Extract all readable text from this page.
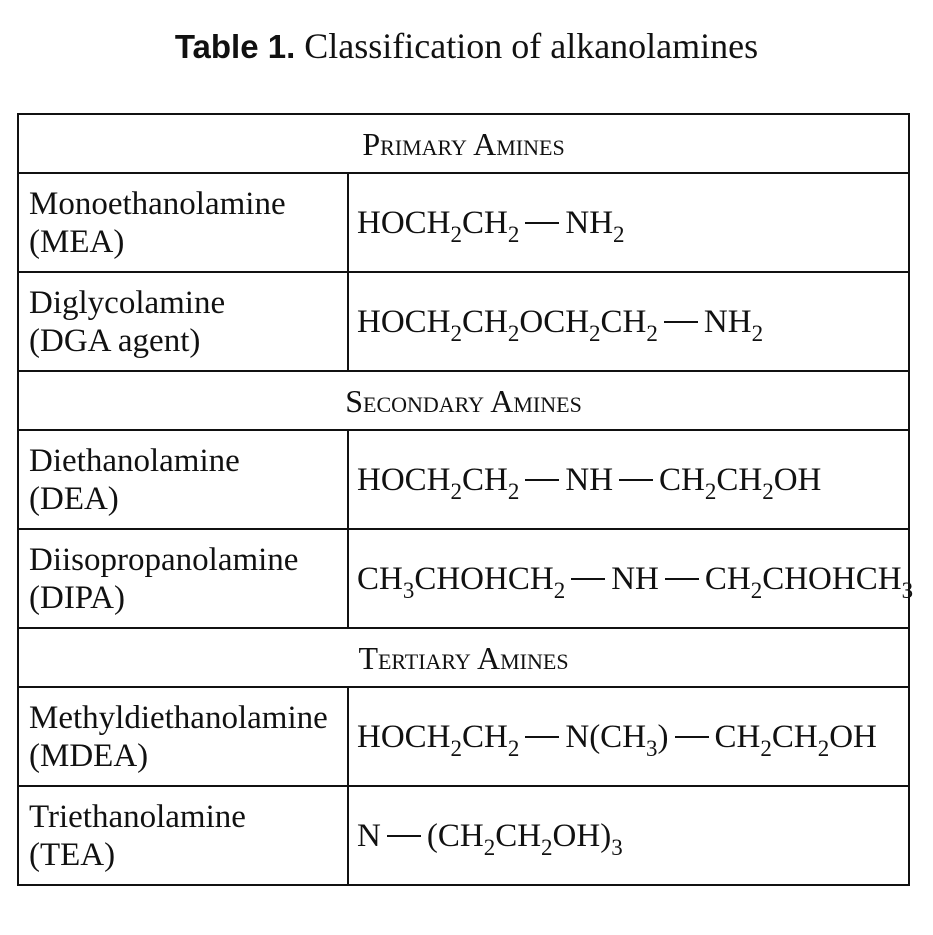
Table 1. Classification of alkanolamines
Primary Amines	

Monoethanolamine
(MEA)	$HOCH_2CH_2$ $NH_2$

Diglycolamine
(DGA agent)	$HOCH_2CH_2OCH_2CH_2$ $NH_2$
Secondary Amines	

Diethanolamine
(DEA)	$HOCH_2CH_2$ NH $CH_2CH_2OH$

Diisopropanolamine
(DIPA)	$CH_3CHOHCH_2$ NH $CH_2CHOHCH_3$
Tertiary Amines	

Methyldiethanolamine
(MDEA)	$HOCH_2CH_2$ $N(CH_3)$ $CH_2CH_2OH$

Triethanolamine
(TEA)	N $(CH_2CH_2OH)_3$
